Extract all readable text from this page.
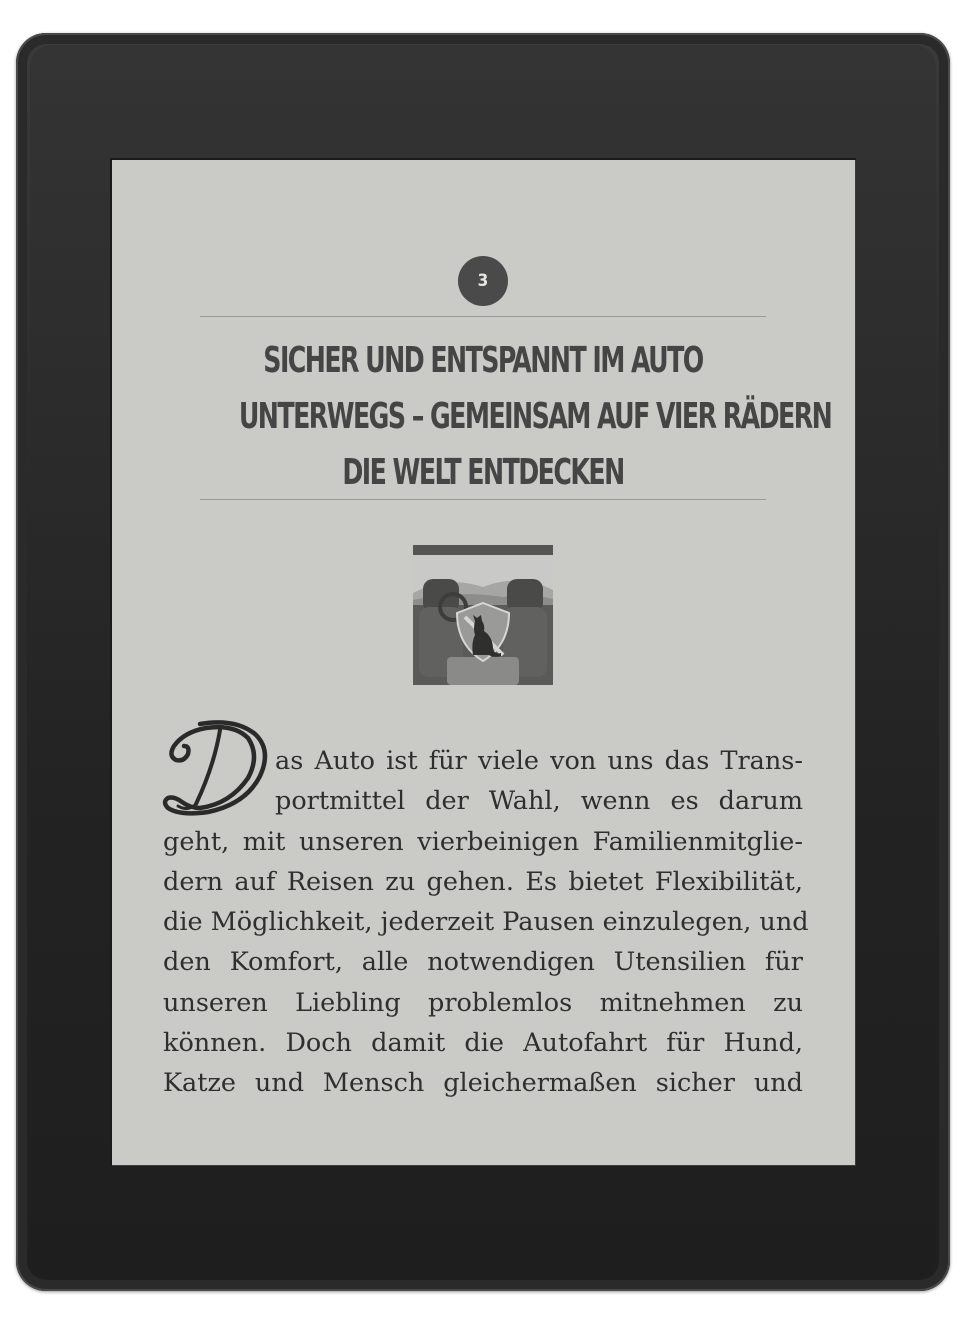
3
SICHER UND ENTSPANNT IM AUTO
UNTERWEGS – GEMEINSAM AUF VIER RÄDERN
DIE WELT ENTDECKEN
as Auto ist für viele von uns das Trans-
portmittel der Wahl, wenn es darum
geht, mit unseren vierbeinigen Familienmitglie-
dern auf Reisen zu gehen. Es bietet Flexibilität,
die Möglichkeit, jederzeit Pausen einzulegen, und
den Komfort, alle notwendigen Utensilien für
unseren Liebling problemlos mitnehmen zu
können. Doch damit die Autofahrt für Hund,
Katze und Mensch gleichermaßen sicher und
